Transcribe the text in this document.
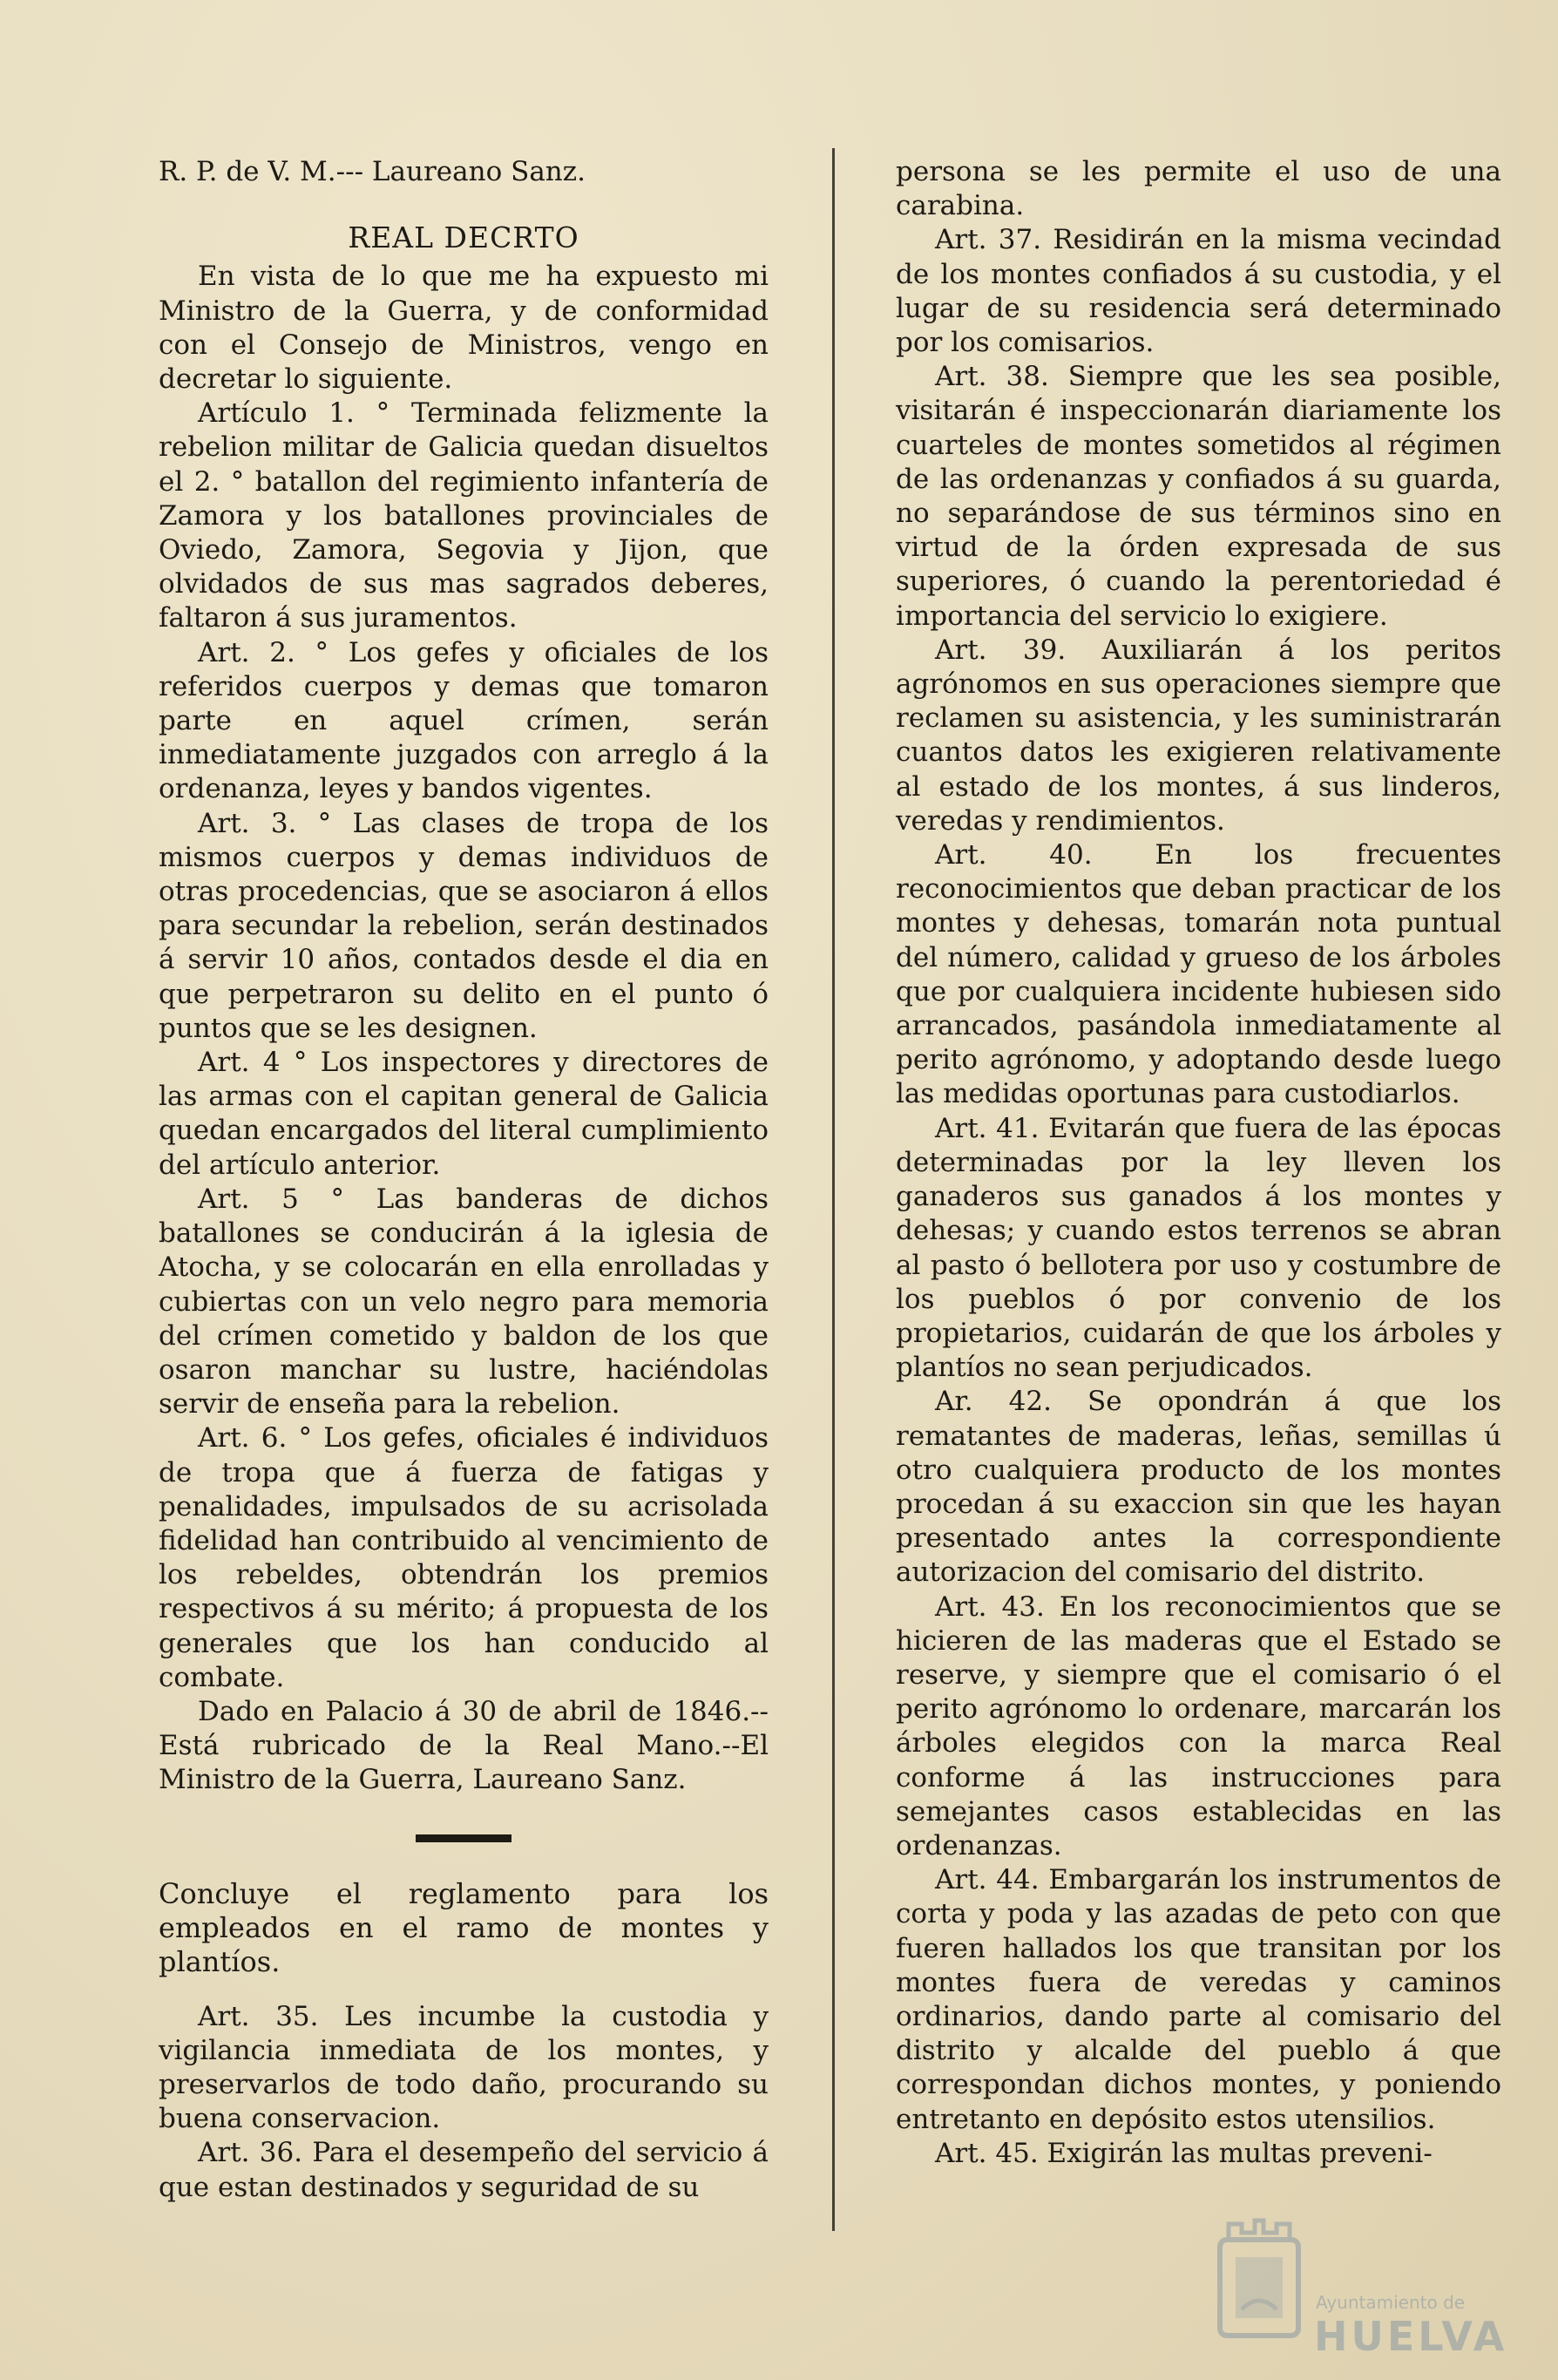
R. P. de V. M.--- Laureano Sanz.

REAL DECRTO

En vista de lo que me ha expuesto mi Ministro de la Guerra, y de conformidad con el Consejo de Ministros, vengo en decretar lo siguiente.

Artículo 1. ° Terminada felizmente la rebelion militar de Galicia quedan disueltos el 2. ° batallon del regimiento infantería de Zamora y los batallones provinciales de Oviedo, Zamora, Segovia y Jijon, que olvidados de sus mas sagrados deberes, faltaron á sus juramentos.

Art. 2. ° Los gefes y oficiales de los referidos cuerpos y demas que tomaron parte en aquel crímen, serán inmediatamente juzgados con arreglo á la ordenanza, leyes y bandos vigentes.

Art. 3. ° Las clases de tropa de los mismos cuerpos y demas individuos de otras procedencias, que se asociaron á ellos para secundar la rebelion, serán destinados á servir 10 años, contados desde el dia en que perpetraron su delito en el punto ó puntos que se les designen.

Art. 4 ° Los inspectores y directores de las armas con el capitan general de Galicia quedan encargados del literal cumplimiento del artículo anterior.

Art. 5 ° Las banderas de dichos batallones se conducirán á la iglesia de Atocha, y se colocarán en ella enrolladas y cubiertas con un velo negro para memoria del crímen cometido y baldon de los que osaron manchar su lustre, haciéndolas servir de enseña para la rebelion.

Art. 6. ° Los gefes, oficiales é individuos de tropa que á fuerza de fatigas y penalidades, impulsados de su acrisolada fidelidad han contribuido al vencimiento de los rebeldes, obtendrán los premios respectivos á su mérito; á propuesta de los generales que los han conducido al combate.

Dado en Palacio á 30 de abril de 1846.-- Está rubricado de la Real Mano.--El Ministro de la Guerra, Laureano Sanz.

Concluye el reglamento para los empleados en el ramo de montes y plantíos.

Art. 35. Les incumbe la custodia y vigilancia inmediata de los montes, y preservarlos de todo daño, procurando su buena conservacion.

Art. 36. Para el desempeño del servicio á que estan destinados y seguridad de su

persona se les permite el uso de una carabina.

Art. 37. Residirán en la misma vecindad de los montes confiados á su custodia, y el lugar de su residencia será determinado por los comisarios.

Art. 38. Siempre que les sea posible, visitarán é inspeccionarán diariamente los cuarteles de montes sometidos al régimen de las ordenanzas y confiados á su guarda, no separándose de sus términos sino en virtud de la órden expresada de sus superiores, ó cuando la perentoriedad é importancia del servicio lo exigiere.

Art. 39. Auxiliarán á los peritos agrónomos en sus operaciones siempre que reclamen su asistencia, y les suministrarán cuantos datos les exigieren relativamente al estado de los montes, á sus linderos, veredas y rendimientos.

Art. 40. En los frecuentes reconocimientos que deban practicar de los montes y dehesas, tomarán nota puntual del número, calidad y grueso de los árboles que por cualquiera incidente hubiesen sido arrancados, pasándola inmediatamente al perito agrónomo, y adoptando desde luego las medidas oportunas para custodiarlos.

Art. 41. Evitarán que fuera de las épocas determinadas por la ley lleven los ganaderos sus ganados á los montes y dehesas; y cuando estos terrenos se abran al pasto ó bellotera por uso y costumbre de los pueblos ó por convenio de los propietarios, cuidarán de que los árboles y plantíos no sean perjudicados.

Ar. 42. Se opondrán á que los rematantes de maderas, leñas, semillas ú otro cualquiera producto de los montes procedan á su exaccion sin que les hayan presentado antes la correspondiente autorizacion del comisario del distrito.

Art. 43. En los reconocimientos que se hicieren de las maderas que el Estado se reserve, y siempre que el comisario ó el perito agrónomo lo ordenare, marcarán los árboles elegidos con la marca Real conforme á las instrucciones para semejantes casos establecidas en las ordenanzas.

Art. 44. Embargarán los instrumentos de corta y poda y las azadas de peto con que fueren hallados los que transitan por los montes fuera de veredas y caminos ordinarios, dando parte al comisario del distrito y alcalde del pueblo á que correspondan dichos montes, y poniendo entretanto en depósito estos utensilios.

Art. 45. Exigirán las multas preveni-

Ayuntamiento de
HUELVA
